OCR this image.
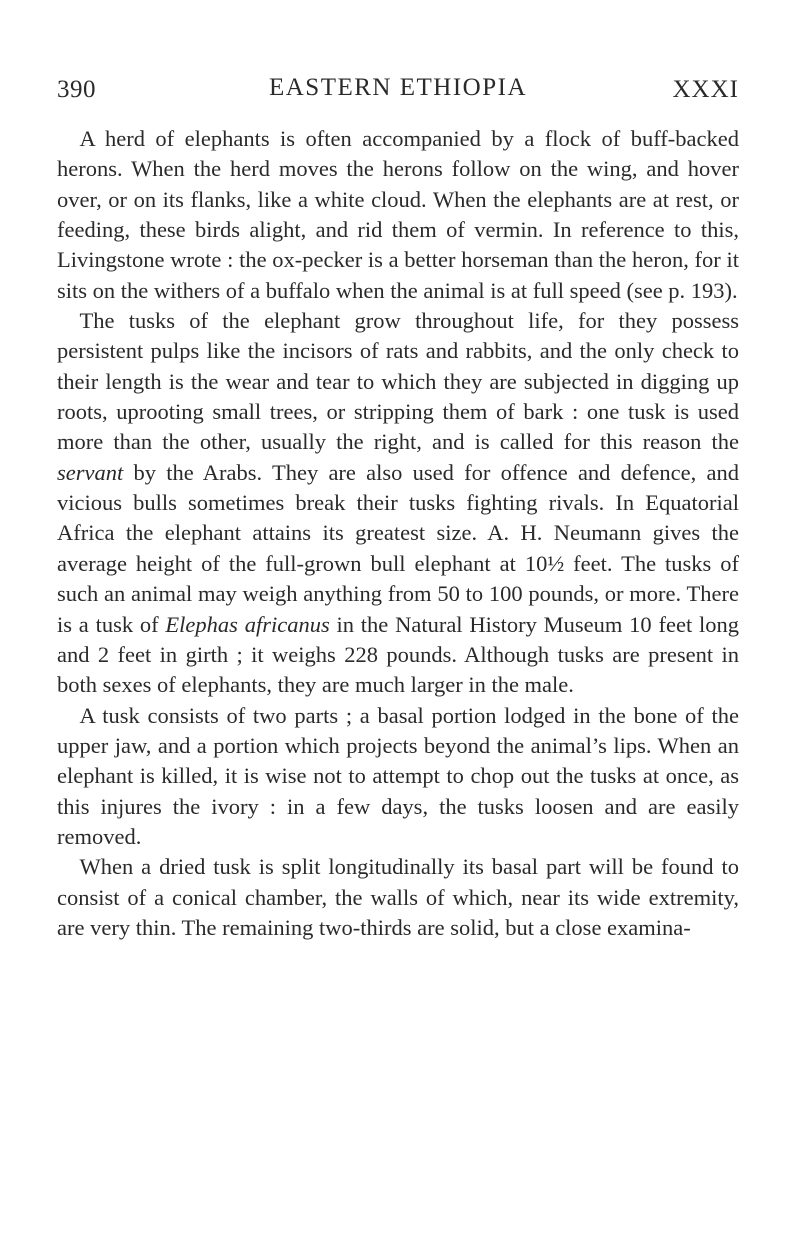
390	EASTERN ETHIOPIA	XXXI

A herd of elephants is often accompanied by a flock of buff-backed herons. When the herd moves the herons follow on the wing, and hover over, or on its flanks, like a white cloud. When the elephants are at rest, or feeding, these birds alight, and rid them of vermin. In reference to this, Livingstone wrote : the ox-pecker is a better horseman than the heron, for it sits on the withers of a buffalo when the animal is at full speed (see p. 193).

The tusks of the elephant grow throughout life, for they possess persistent pulps like the incisors of rats and rabbits, and the only check to their length is the wear and tear to which they are subjected in digging up roots, uprooting small trees, or stripping them of bark : one tusk is used more than the other, usually the right, and is called for this reason the servant by the Arabs. They are also used for offence and defence, and vicious bulls sometimes break their tusks fighting rivals. In Equatorial Africa the elephant attains its greatest size. A. H. Neumann gives the average height of the full-grown bull elephant at 10½ feet. The tusks of such an animal may weigh anything from 50 to 100 pounds, or more. There is a tusk of Elephas africanus in the Natural History Museum 10 feet long and 2 feet in girth ; it weighs 228 pounds. Although tusks are present in both sexes of elephants, they are much larger in the male.

A tusk consists of two parts ; a basal portion lodged in the bone of the upper jaw, and a portion which projects beyond the animal’s lips. When an elephant is killed, it is wise not to attempt to chop out the tusks at once, as this injures the ivory : in a few days, the tusks loosen and are easily removed.

When a dried tusk is split longitudinally its basal part will be found to consist of a conical chamber, the walls of which, near its wide extremity, are very thin. The remaining two-thirds are solid, but a close examina-
